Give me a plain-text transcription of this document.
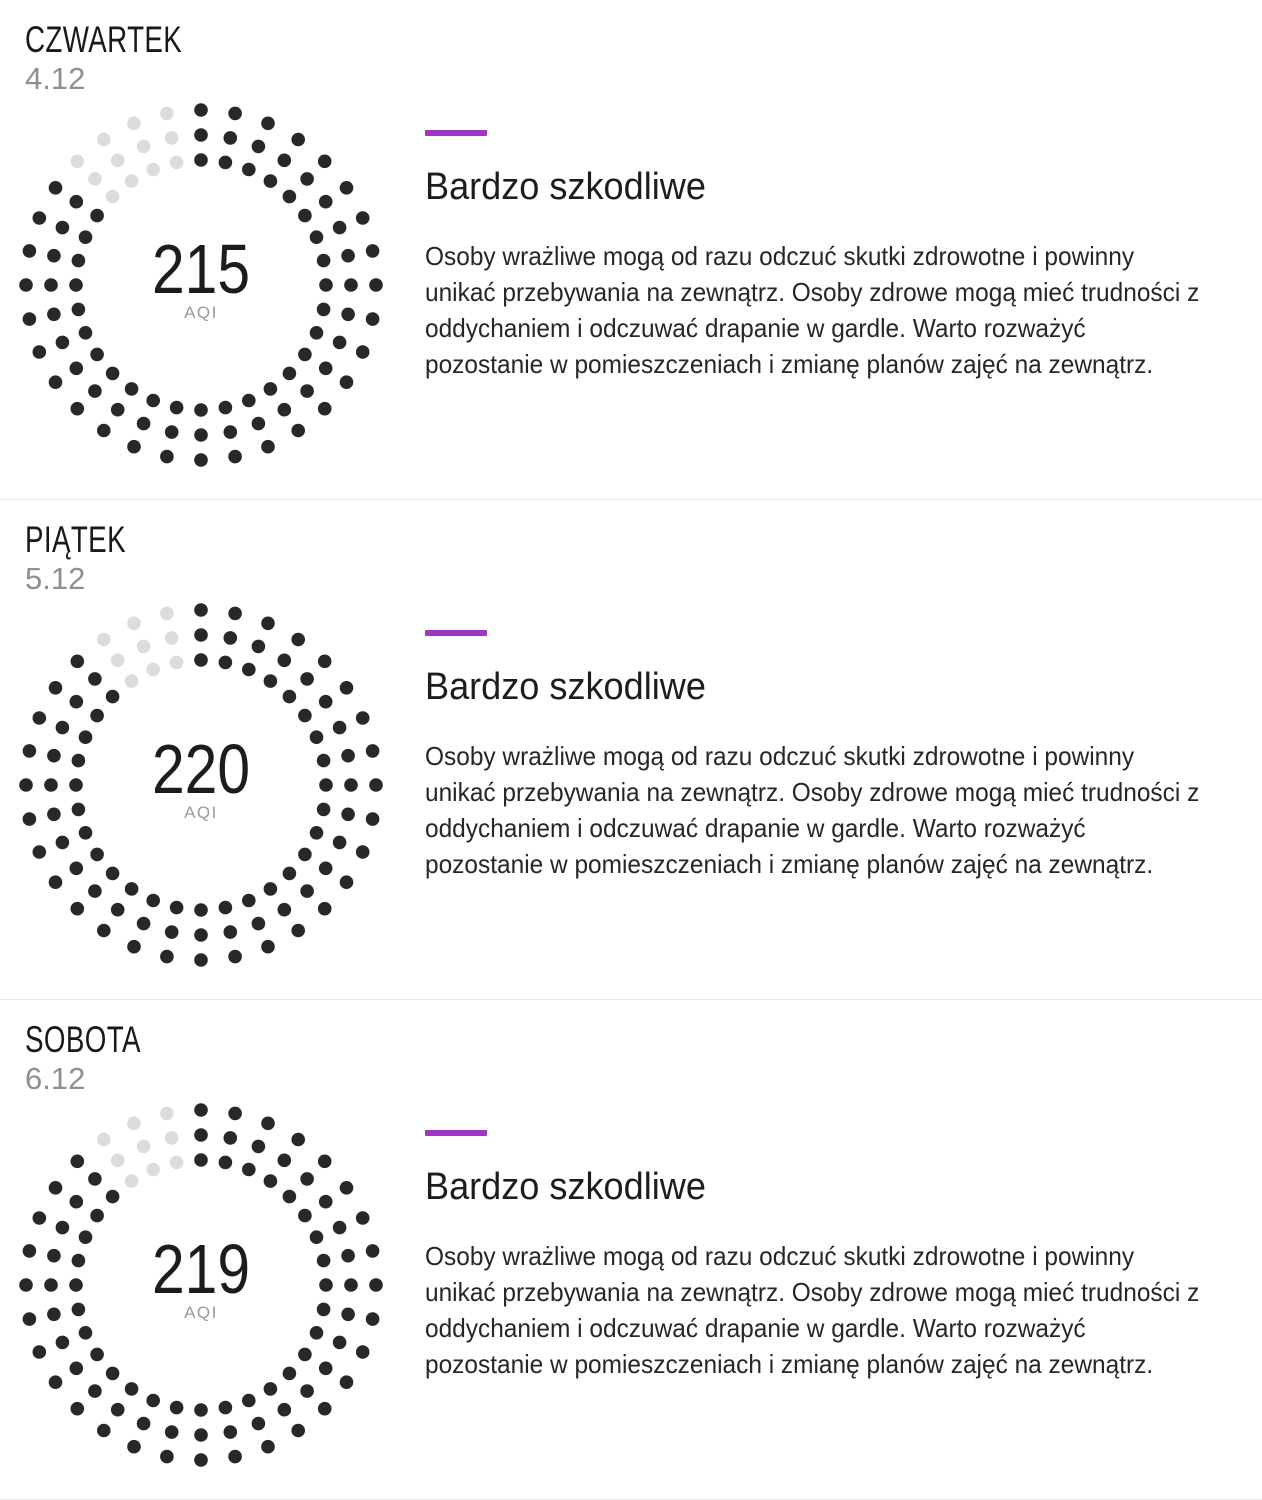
CZWARTEK
4.12
215
AQI
Bardzo szkodliwe
Osoby wrażliwe mogą od razu odczuć skutki zdrowotne i powinny
unikać przebywania na zewnątrz. Osoby zdrowe mogą mieć trudności z
oddychaniem i odczuwać drapanie w gardle. Warto rozważyć
pozostanie w pomieszczeniach i zmianę planów zajęć na zewnątrz.
PIĄTEK
5.12
220
AQI
Bardzo szkodliwe
Osoby wrażliwe mogą od razu odczuć skutki zdrowotne i powinny
unikać przebywania na zewnątrz. Osoby zdrowe mogą mieć trudności z
oddychaniem i odczuwać drapanie w gardle. Warto rozważyć
pozostanie w pomieszczeniach i zmianę planów zajęć na zewnątrz.
SOBOTA
6.12
219
AQI
Bardzo szkodliwe
Osoby wrażliwe mogą od razu odczuć skutki zdrowotne i powinny
unikać przebywania na zewnątrz. Osoby zdrowe mogą mieć trudności z
oddychaniem i odczuwać drapanie w gardle. Warto rozważyć
pozostanie w pomieszczeniach i zmianę planów zajęć na zewnątrz.
